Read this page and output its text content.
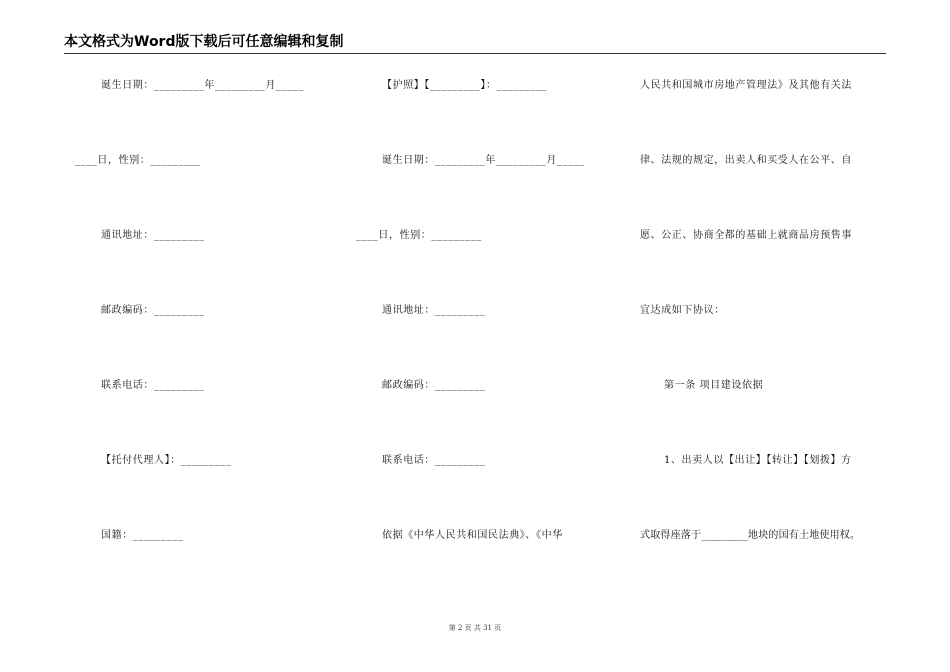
本文格式为Word版下载后可任意编辑和复制
诞生日期：_________年_________月_____
____日，性别：_________
通讯地址：_________
邮政编码：_________
联系电话：_________
【托付代理人】：_________
国籍：_________
【护照】【_________】：_________
诞生日期：_________年_________月_____
____日，性别：_________
通讯地址：_________
邮政编码：_________
联系电话：_________
依据《中华人民共和国民法典》、《中华
人民共和国城市房地产管理法》及其他有关法
律、法规的规定，出卖人和买受人在公平、自
愿、公正、协商全都的基础上就商品房预售事
宜达成如下协议：
第一条 项目建设依据
1、出卖人以【出让】【转让】【划拨】方
式取得座落于_________地块的国有土地使用权。
第 2 页 共 31 页
